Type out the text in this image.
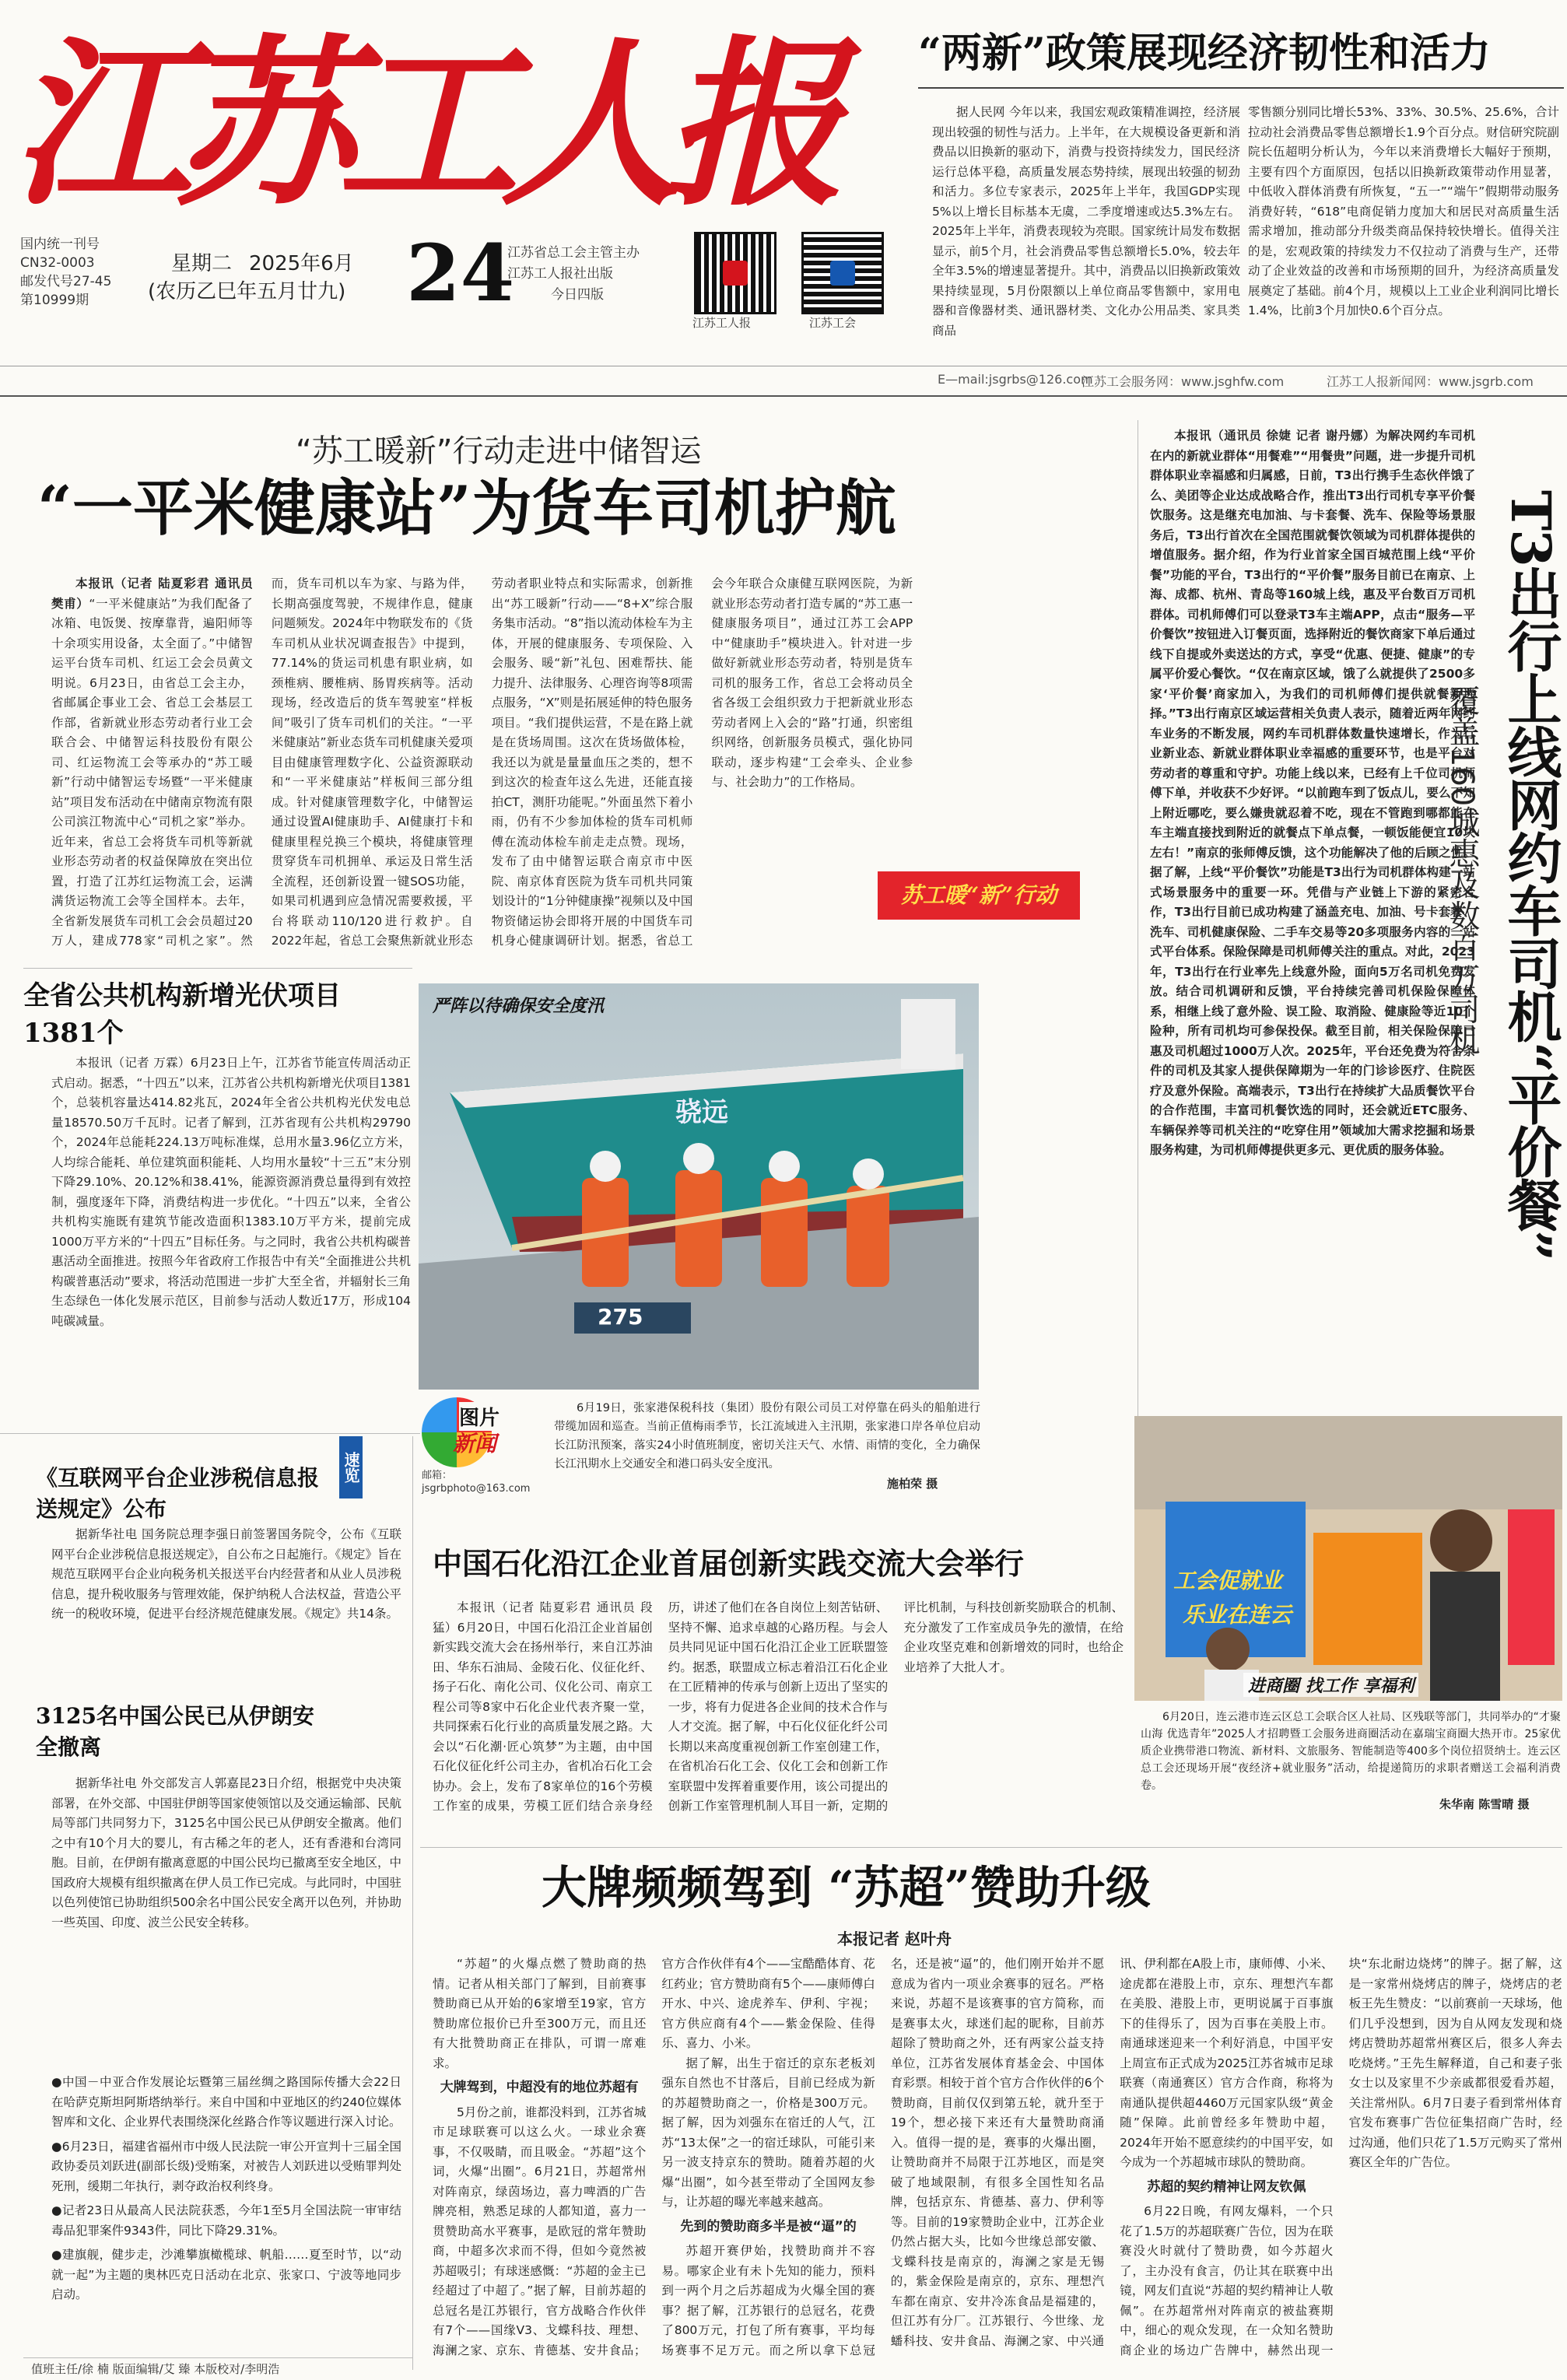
江苏工人报
国内统一刊号
CN32-0003
邮发代号27-45
第10999期
星期二 2025年6月
(农历乙巳年五月廿九) 24
江苏省总工会主管主办
江苏工人报社出版
今日四版
江苏工人报	江苏工会
“两新”政策展现经济韧性和活力

据人民网 今年以来，我国宏观政策精准调控，经济展现出较强的韧性与活力。上半年，在大规模设备更新和消费品以旧换新的驱动下，消费与投资持续发力，国民经济运行总体平稳，高质量发展态势持续，展现出较强的韧劲和活力。多位专家表示，2025年上半年，我国GDP实现5%以上增长目标基本无虞，二季度增速或达5.3%左右。2025年上半年，消费表现较为亮眼。国家统计局发布数据显示，前5个月，社会消费品零售总额增长5.0%，较去年全年3.5%的增速显著提升。其中，消费品以旧换新政策效果持续显现，5月份限额以上单位商品零售额中，家用电器和音像器材类、通讯器材类、文化办公用品类、家具类商品

零售额分别同比增长53%、33%、30.5%、25.6%，合计拉动社会消费品零售总额增长1.9个百分点。财信研究院副院长伍超明分析认为，今年以来消费增长大幅好于预期，主要有四个方面原因，包括以旧换新政策带动作用显著，中低收入群体消费有所恢复，“五一”“端午”假期带动服务消费好转，“618”电商促销力度加大和居民对高质量生活需求增加，推动部分升级类商品保持较快增长。值得关注的是，宏观政策的持续发力不仅拉动了消费与生产，还带动了企业效益的改善和市场预期的回升，为经济高质量发展奠定了基础。前4个月，规模以上工业企业利润同比增长1.4%，比前3个月加快0.6个百分点。

E—mail:jsgrbs@126.com
江苏工会服务网：www.jsghfw.com	江苏工人报新闻网：www.jsgrb.com
“苏工暖新”行动走进中储智运
“一平米健康站”为货车司机护航

本报讯（记者 陆夏彩君 通讯员 樊甫）“一平米健康站”为我们配备了冰箱、电饭煲、按摩靠背，遍阳师等十余项实用设备，太全面了。”中储智运平台货车司机、红运工会会员黄文明说。6月23日，由省总工会主办，省邮属企事业工会、省总工会基层工作部，省新就业形态劳动者行业工会联合会、中储智运科技股份有限公司、红运物流工会等承办的“苏工暖新”行动中储智运专场暨“一平米健康站”项目发布活动在中储南京物流有限公司滨江物流中心“司机之家”举办。近年来，省总工会将货车司机等新就业形态劳动者的权益保障放在突出位置，打造了江苏红运物流工会，运满满货运物流工会等全国样本。去年，全省新发展货车司机工会会员超过20万人，建成778家“司机之家”。然而，货车司机以车为家、与路为伴，长期高强度驾驶，不规律作息，健康问题频发。2024年中物联发布的《货车司机从业状况调查报告》中提到，77.14%的货运司机患有职业病，如颈椎病、腰椎病、肠胃疾病等。活动现场，经改造后的货车驾驶室“样板间”吸引了货车司机们的关注。“一平米健康站”新业态货车司机健康关爱项目由健康管理数字化、公益资源联动和“一平米健康站”样板间三部分组成。针对健康管理数字化，中储智运通过设置AI健康助手、AI健康打卡和健康里程兑换三个模块，将健康管理贯穿货车司机拥单、承运及日常生活全流程，还创新设置一键SOS功能，如果司机遇到应急情况需要救援，平台将联动110/120进行救护。自2022年起，省总工会聚焦新就业形态劳动者职业特点和实际需求，创新推出“苏工暖新”行动——“8+X”综合服务集市活动。“8”指以流动体检车为主体，开展的健康服务、专项保险、入会服务、暖“新”礼包、困难帮扶、能力提升、法律服务、心理咨询等8项需点服务，“X”则是拓展延伸的特色服务项目。“我们提供运营，不是在路上就是在货场周围。这次在货场做体检，我还以为就是量量血压之类的，想不到这次的检查年这么先进，还能直接拍CT，测肝功能呢。”外面虽然下着小雨，仍有不少参加体检的货车司机师傅在流动体检车前走走点赞。现场，发布了由中储智运联合南京市中医院、南京体育医院为货车司机共同策划设计的“1分钟健康操”视频以及中国物资储运协会即将开展的中国货车司机身心健康调研计划。据悉，省总工会今年联合众康健互联网医院，为新就业形态劳动者打造专属的“苏工惠一健康服务项目”，通过江苏工会APP中“健康助手”模块进入。针对进一步做好新就业形态劳动者，特别是货车司机的服务工作，省总工会将动员全省各级工会组织致力于把新就业形态劳动者网上入会的“路”打通，织密组织网络，创新服务员模式，强化协同联动，逐步构建“工会牵头、企业参与、社会助力”的工作格局。

苏工暖“新”行动

本报讯（通讯员 徐婕 记者 谢丹娜）为解决网约车司机在内的新就业群体“用餐难”“用餐贵”问题，进一步提升司机群体职业幸福感和归属感，日前，T3出行携手生态伙伴饿了么、美团等企业达成战略合作，推出T3出行司机专享平价餐饮服务。这是继充电加油、与卡套餐、洗车、保险等场景服务后，T3出行首次在全国范围就餐饮领域为司机群体提供的增值服务。据介绍，作为行业首家全国百城范围上线“平价餐”功能的平台，T3出行的“平价餐”服务目前已在南京、上海、成都、杭州、青岛等160城上线，惠及平台数百万司机群体。司机师傅们可以登录T3车主端APP，点击“服务—平价餐饮”按钮进入订餐页面，选择附近的餐饮商家下单后通过线下自提或外卖送达的方式，享受“优惠、便捷、健康”的专属平价爱心餐饮。“仅在南京区域，饿了么就提供了2500多家‘平价餐’商家加入，为我们的司机师傅们提供就餐新选择。”T3出行南京区域运营相关负责人表示，随着近两年网约车业务的不断发展，网约车司机群体数量快速增长，作为行业新业态、新就业群体职业幸福感的重要环节，也是平台对劳动者的尊重和守护。功能上线以来，已经有上千位司机师傅下单，并收获不少好评。“以前跑车到了饭点儿，要么不知上附近哪吃，要么嫌贵就忍着不吃，现在不管跑到哪都能在车主端直接找到附近的就餐点下单点餐，一顿饭能便宜10块左右！”南京的张师傅反馈，这个功能解决了他的后顾之忧。据了解，上线“平价餐饮”功能是T3出行为司机群体构建一站式场景服务中的重要一环。凭借与产业链上下游的紧密合作，T3出行目前已成功构建了涵盖充电、加油、号卡套餐、洗车、司机健康保险、二手车交易等20多项服务内容的一站式平台体系。保险保障是司机师傅关注的重点。对此，2023年，T3出行在行业率先上线意外险，面向5万名司机免费发放。结合司机调研和反馈，平台持续完善司机保险保障体系，相继上线了意外险、误工险、取消险、健康险等近10个险种，所有司机均可参保投保。截至目前，相关保险保障已惠及司机超过1000万人次。2025年，平台还免费为符合条件的司机及其家人提供保障期为一年的门诊诊医疗、住院医疗及意外保险。高端表示，T3出行在持续扩大品质餐饮平台的合作范围，丰富司机餐饮选的同时，还会就近ETC服务、车辆保养等司机关注的“吃穿住用”领域加大需求挖掘和场景服务构建，为司机师傅提供更多元、更优质的服务体验。 T3出行上线网约车司机“平价餐”
覆盖160城惠及数百万司机
全省公共机构新增光伏项目1381个

本报讯（记者 万霖）6月23日上午，江苏省节能宣传周活动正式启动。据悉，“十四五”以来，江苏省公共机构新增光伏项目1381个，总装机容量达414.82兆瓦，2024年全省公共机构光伏发电总量18570.50万千瓦时。记者了解到，江苏省现有公共机构29790个，2024年总能耗224.13万吨标准煤，总用水量3.96亿立方米，人均综合能耗、单位建筑面积能耗、人均用水量较“十三五”末分别下降29.10%、20.12%和38.41%，能源资源消费总量得到有效控制，强度逐年下降，消费结构进一步优化。“十四五”以来，全省公共机构实施既有建筑节能改造面积1383.10万平方米，提前完成1000万平方米的“十四五”目标任务。与之同时，我省公共机构碳普惠活动全面推进。按照今年省政府工作报告中有关“全面推进公共机构碳普惠活动”要求，将活动范围进一步扩大至全省，并辐射长三角生态绿色一体化发展示范区，目前参与活动人数近17万，形成104吨碳减量。

严阵以待确保安全度汛
骁远
275
图片
新闻
邮箱：jsgrbphoto@163.com
6月19日，张家港保税科技（集团）股份有限公司员工对停靠在码头的船舶进行带缆加固和巡查。当前正值梅雨季节，长江流域进入主汛期，张家港口岸各单位启动长江防汛预案，落实24小时值班制度，密切关注天气、水情、雨情的变化，全力确保长江汛期水上交通安全和港口码头安全度汛。
施柏荣 摄
速览
《互联网平台企业涉税信息报送规定》公布

据新华社电 国务院总理李强日前签署国务院令，公布《互联网平台企业涉税信息报送规定》，自公布之日起施行。《规定》旨在规范互联网平台企业向税务机关报送平台内经营者和从业人员涉税信息，提升税收服务与管理效能，保护纳税人合法权益，营造公平统一的税收环境，促进平台经济规范健康发展。《规定》共14条。

3125名中国公民已从伊朗安全撤离

据新华社电 外交部发言人郭嘉昆23日介绍，根据党中央决策部署，在外交部、中国驻伊朗等国家使领馆以及交通运输部、民航局等部门共同努力下，3125名中国公民已从伊朗安全撤离。他们之中有10个月大的婴儿，有古稀之年的老人，还有香港和台湾同胞。目前，在伊朗有撤离意愿的中国公民均已撤离至安全地区，中国政府大规模有组织撤离在伊人员工作已完成。与此同时，中国驻以色列使馆已协助组织500余名中国公民安全离开以色列，并协助一些英国、印度、波兰公民安全转移。

●中国－中亚合作发展论坛暨第三届丝绸之路国际传播大会22日在哈萨克斯坦阿斯塔纳举行。来自中国和中亚地区的约240位媒体智库和文化、企业界代表围绕深化丝路合作等议题进行深入讨论。
●6月23日，福建省福州市中级人民法院一审公开宣判十三届全国政协委员刘跃进(副部长级)受贿案，对被告人刘跃进以受贿罪判处死刑，缓期二年执行，剥夺政治权利终身。
●记者23日从最高人民法院获悉，今年1至5月全国法院一审审结毒品犯罪案件9343件，同比下降29.31%。
●建旗舰，健步走，沙滩攀旗橄榄球、帆船……夏至时节，以“动就一起”为主题的奥林匹克日活动在北京、张家口、宁波等地同步启动。
中国石化沿江企业首届创新实践交流大会举行

本报讯（记者 陆夏彩君 通讯员 段猛）6月20日，中国石化沿江企业首届创新实践交流大会在扬州举行，来自江苏油田、华东石油局、金陵石化、仪征化纤、扬子石化、南化公司、仪化公司、南京工程公司等8家中石化企业代表齐聚一堂，共同探索石化行业的高质量发展之路。大会以“石化潮·匠心筑梦”为主题，由中国石化仪征化纤公司主办，省机冶石化工会协办。会上，发布了8家单位的16个劳模工作室的成果，劳模工匠们结合亲身经历，讲述了他们在各自岗位上刻苦钻研、坚持不懈、追求卓越的心路历程。与会人员共同见证中国石化沿江企业工匠联盟签约。据悉，联盟成立标志着沿江石化企业在工匠精神的传承与创新上迈出了坚实的一步，将有力促进各企业间的技术合作与人才交流。据了解，中石化仪征化纤公司长期以来高度重视创新工作室创建工作，在省机冶石化工会、仪化工会和创新工作室联盟中发挥着重要作用，该公司提出的创新工作室管理机制人耳目一新，定期的评比机制，与科技创新奖励联合的机制、充分激发了工作室成员争先的激情，在给企业攻坚克难和创新增效的同时，也给企业培养了大批人才。

工会促就业
乐业在连云
进商圈 找工作 享福利
6月20日，连云港市连云区总工会联合区人社局、区残联等部门，共同举办的“才聚山海 优选青年”2025人才招聘暨工会服务进商圈活动在嘉瑞宝商圈大热开市。25家优质企业携带港口物流、新材料、文旅服务、智能制造等400多个岗位招贤纳士。连云区总工会还现场开展“夜经济+就业服务”活动，给提递简历的求职者赠送工会福利消费卷。
朱华南 陈雪晴 摄
大牌频频驾到 “苏超”赞助升级
本报记者 赵叶舟

“苏超”的火爆点燃了赞助商的热情。记者从相关部门了解到，目前赛事赞助商已从开始的6家增至19家，官方赞助席位报价已升至300万元，而且还有大批赞助商正在排队，可谓一席难求。

大牌驾到，中超没有的地位苏超有

5月份之前，谁都没料到，江苏省城市足球联赛可以这么火。一球业余赛事，不仅吸睛，而且吸金。“苏超”这个词，火爆“出圈”。6月21日，苏超常州对阵南京，绿茵场边，喜力啤酒的广告牌亮相，熟悉足球的人都知道，喜力一贯赞助高水平赛事，是欧冠的常年赞助商，中超多次求而不得，但如今竟然被苏超吸引；有球迷感慨：“苏超的金主已经超过了中超了。”据了解，目前苏超的总冠名是江苏银行，官方战略合作伙伴有7个——国缘V3、戈蝶科技、理想、海澜之家、京东、肯德基、安井食品；官方合作伙伴有4个——宝酷酷体育、花红药业；官方赞助商有5个——康师傅白开水、中兴、途虎养车、伊利、宇视；官方供应商有4个——紫金保险、佳得乐、喜力、小米。

据了解，出生于宿迁的京东老板刘强东自然也不甘落后，目前已经成为新的苏超赞助商之一，价格是300万元。据了解，因为刘强东在宿迁的人气，江苏“13太保”之一的宿迁球队，可能引来另一波支持京东的赞助。随着苏超的火爆“出圈”，如今甚至带动了全国网友参与，让苏超的曝光率越来越高。

先到的赞助商多半是被“逼”的

苏超开赛伊始，找赞助商并不容易。哪家企业有未卜先知的能力，预料到一两个月之后苏超成为火爆全国的赛事？据了解，江苏银行的总冠名，花费了800万元，打包了所有赛事，平均每场赛事不足万元。而之所以拿下总冠名，还是被“逼”的，他们刚开始并不愿意成为省内一项业余赛事的冠名。严格来说，苏超不是该赛事的官方简称，而是赛事太火，球迷们起的昵称，目前苏超除了赞助商之外，还有两家公益支持单位，江苏省发展体育基金会、中国体育彩票。相较于首个官方合作伙伴的6个赞助商，目前仅仅到第五轮，就升至于19个，想必接下来还有大量赞助商涌入。值得一提的是，赛事的火爆出圈，让赞助商并不局限于江苏地区，而是突破了地域限制，有很多全国性知名品牌，包括京东、肯德基、喜力、伊利等等。目前的19家赞助企业中，江苏企业仍然占据大头，比如今世缘总部安徽、戈蝶科技是南京的，海澜之家是无锡的，紫金保险是南京的，京东、理想汽车都在南京、安井冷冻食品是福建的，但江苏有分厂。江苏银行、今世缘、龙蟠科技、安井食品、海澜之家、中兴通讯、伊利都在A股上市，康师傅、小米、途虎都在港股上市，京东、理想汽车都在美股、港股上市，更明说属于百事旗下的佳得乐了，因为百事在美股上市。南通球迷迎来一个利好消息，中国平安上周宣布正式成为2025江苏省城市足球联赛（南通赛区）官方合作商，称将为南通队提供超4460万元国家队级“黄金随”保障。此前曾经多年赞助中超，2024年开始不愿意续约的中国平安，如今成为一个苏超城市球队的赞助商。

苏超的契约精神让网友钦佩

6月22日晚，有网友爆料，一个只花了1.5万的苏超联赛广告位，因为在联赛没火时就付了赞助费，如今苏超火了，主办没有食言，仍让其在联赛中出镜，网友们直说“苏超的契约精神让人敬佩”。在苏超常州对阵南京的被盐赛期中，细心的观众发现，在一众知名赞助商企业的场边广告牌中，赫然出现一块“东北耐边烧烤”的牌子。据了解，这是一家常州烧烤店的牌子，烧烤店的老板王先生赞皮：“以前赛前一天球场，他们几乎没想到，因为自从网友发现和烧烤店赞助苏超常州赛区后，很多人奔去吃烧烤。”王先生解释道，自己和妻子张女士以及家里不少亲戚都很爱看苏超，关注常州队。6月7日妻子看到常州体育官发布赛事广告位征集招商广告时，经过沟通，他们只花了1.5万元购买了常州赛区全年的广告位。

值班主任/徐 楠 版面编辑/艾 臻 本版校对/李明浩
